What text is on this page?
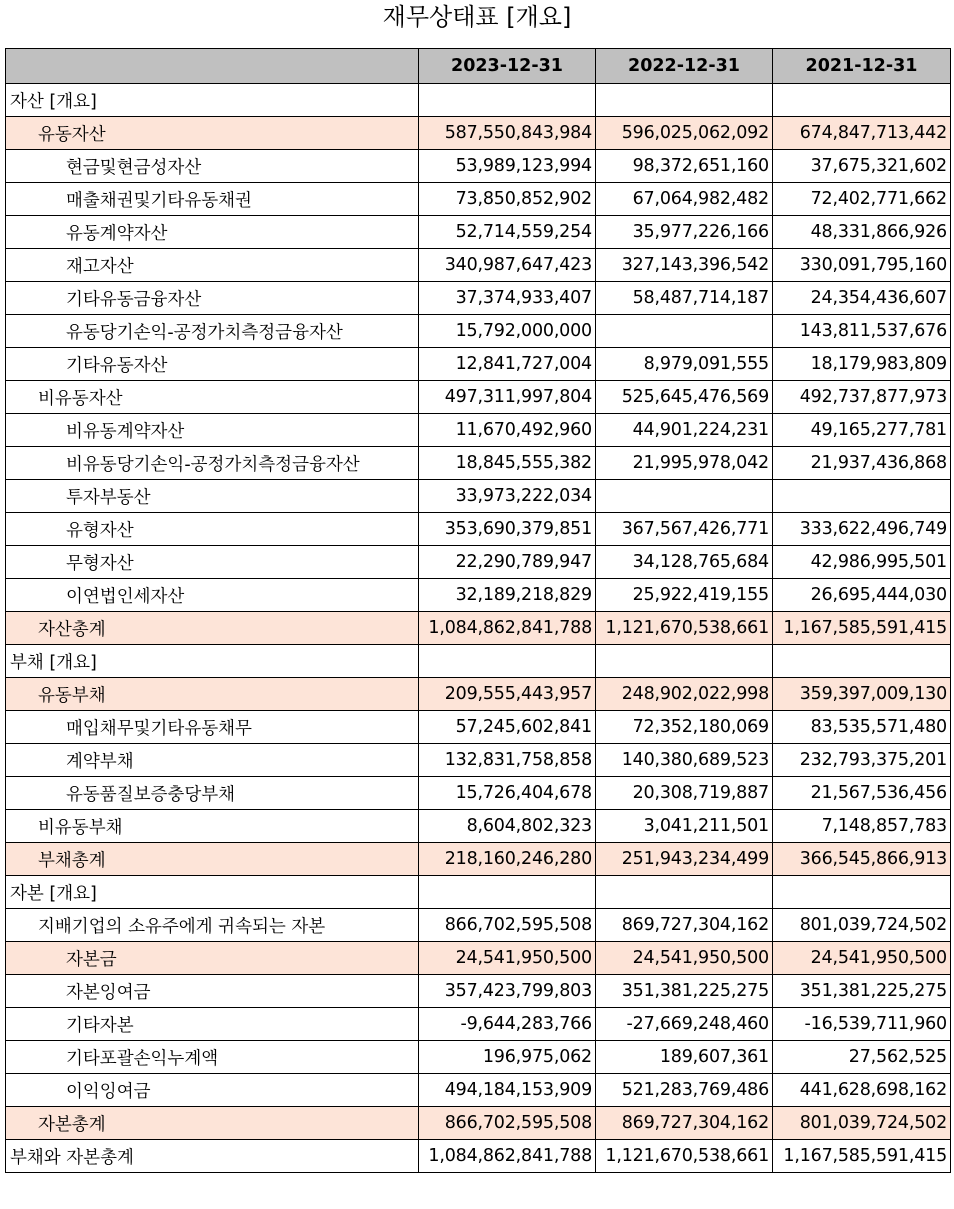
재무상태표 [개요]
	2023-12-31	2022-12-31	2021-12-31
자산 [개요]			
유동자산	587,550,843,984	596,025,062,092	674,847,713,442
현금및현금성자산	53,989,123,994	98,372,651,160	37,675,321,602
매출채권및기타유동채권	73,850,852,902	67,064,982,482	72,402,771,662
유동계약자산	52,714,559,254	35,977,226,166	48,331,866,926
재고자산	340,987,647,423	327,143,396,542	330,091,795,160
기타유동금융자산	37,374,933,407	58,487,714,187	24,354,436,607
유동당기손익-공정가치측정금융자산	15,792,000,000		143,811,537,676
기타유동자산	12,841,727,004	8,979,091,555	18,179,983,809
비유동자산	497,311,997,804	525,645,476,569	492,737,877,973
비유동계약자산	11,670,492,960	44,901,224,231	49,165,277,781
비유동당기손익-공정가치측정금융자산	18,845,555,382	21,995,978,042	21,937,436,868
투자부동산	33,973,222,034		
유형자산	353,690,379,851	367,567,426,771	333,622,496,749
무형자산	22,290,789,947	34,128,765,684	42,986,995,501
이연법인세자산	32,189,218,829	25,922,419,155	26,695,444,030
자산총계	1,084,862,841,788	1,121,670,538,661	1,167,585,591,415
부채 [개요]			
유동부채	209,555,443,957	248,902,022,998	359,397,009,130
매입채무및기타유동채무	57,245,602,841	72,352,180,069	83,535,571,480
계약부채	132,831,758,858	140,380,689,523	232,793,375,201
유동품질보증충당부채	15,726,404,678	20,308,719,887	21,567,536,456
비유동부채	8,604,802,323	3,041,211,501	7,148,857,783
부채총계	218,160,246,280	251,943,234,499	366,545,866,913
자본 [개요]			
지배기업의 소유주에게 귀속되는 자본	866,702,595,508	869,727,304,162	801,039,724,502
자본금	24,541,950,500	24,541,950,500	24,541,950,500
자본잉여금	357,423,799,803	351,381,225,275	351,381,225,275
기타자본	-9,644,283,766	-27,669,248,460	-16,539,711,960
기타포괄손익누계액	196,975,062	189,607,361	27,562,525
이익잉여금	494,184,153,909	521,283,769,486	441,628,698,162
자본총계	866,702,595,508	869,727,304,162	801,039,724,502
부채와 자본총계	1,084,862,841,788	1,121,670,538,661	1,167,585,591,415
